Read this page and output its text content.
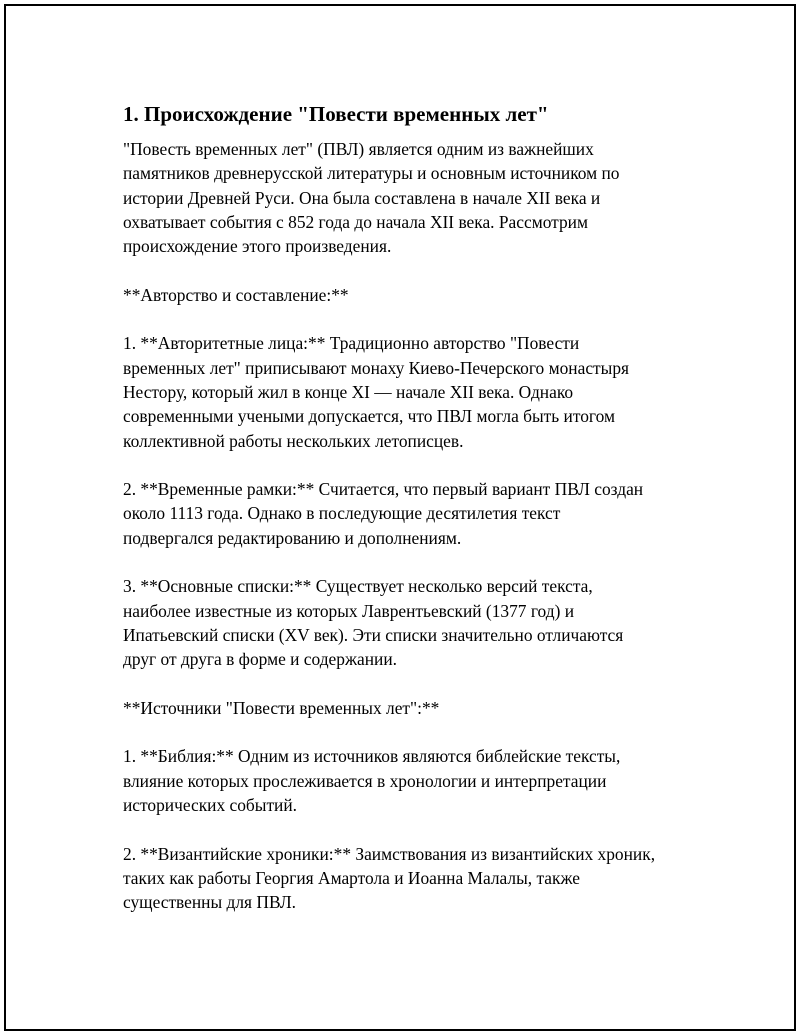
1. Происхождение "Повести временных лет"
"Повесть временных лет" (ПВЛ) является одним из важнейших
памятников древнерусской литературы и основным источником по
истории Древней Руси. Она была составлена в начале XII века и
охватывает события с 852 года до начала XII века. Рассмотрим
происхождение этого произведения.
**Авторство и составление:**
1. **Авторитетные лица:** Традиционно авторство "Повести
временных лет" приписывают монаху Киево-Печерского монастыря
Нестору, который жил в конце XI — начале XII века. Однако
современными учеными допускается, что ПВЛ могла быть итогом
коллективной работы нескольких летописцев.
2. **Временные рамки:** Считается, что первый вариант ПВЛ создан
около 1113 года. Однако в последующие десятилетия текст
подвергался редактированию и дополнениям.
3. **Основные списки:** Существует несколько версий текста,
наиболее известные из которых Лаврентьевский (1377 год) и
Ипатьевский списки (XV век). Эти списки значительно отличаются
друг от друга в форме и содержании.
**Источники "Повести временных лет":**
1. **Библия:** Одним из источников являются библейские тексты,
влияние которых прослеживается в хронологии и интерпретации
исторических событий.
2. **Византийские хроники:** Заимствования из византийских хроник,
таких как работы Георгия Амартола и Иоанна Малалы, также
существенны для ПВЛ.
